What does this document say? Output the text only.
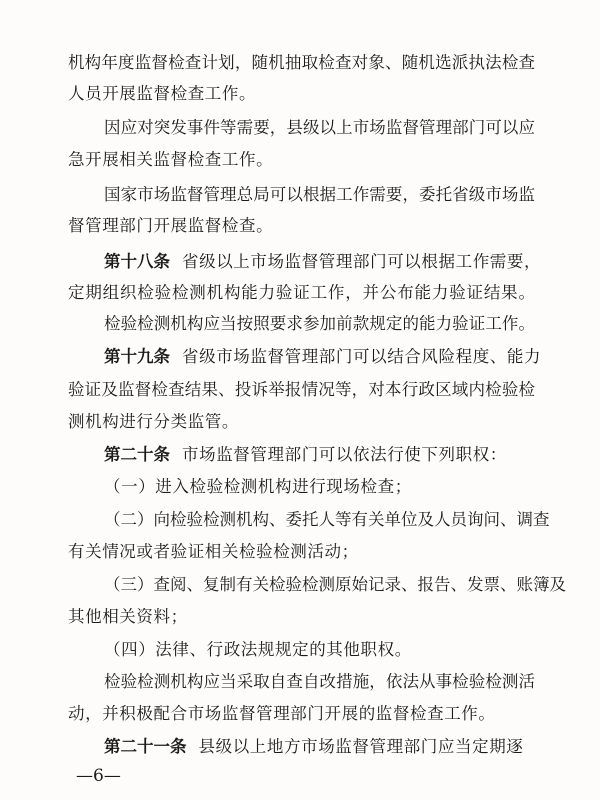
机构年度监督检查计划，随机抽取检查对象、随机选派执法检查
人员开展监督检查工作。
因应对突发事件等需要，县级以上市场监督管理部门可以应
急开展相关监督检查工作。
国家市场监督管理总局可以根据工作需要，委托省级市场监
督管理部门开展监督检查。
第十八条 省级以上市场监督管理部门可以根据工作需要，
定期组织检验检测机构能力验证工作，并公布能力验证结果。
检验检测机构应当按照要求参加前款规定的能力验证工作。
第十九条 省级市场监督管理部门可以结合风险程度、能力
验证及监督检查结果、投诉举报情况等，对本行政区域内检验检
测机构进行分类监管。
第二十条 市场监督管理部门可以依法行使下列职权：
（一）进入检验检测机构进行现场检查；
（二）向检验检测机构、委托人等有关单位及人员询问、调查
有关情况或者验证相关检验检测活动；
（三）查阅、复制有关检验检测原始记录、报告、发票、账簿及
其他相关资料；
（四）法律、行政法规规定的其他职权。
检验检测机构应当采取自查自改措施，依法从事检验检测活
动，并积极配合市场监督管理部门开展的监督检查工作。
第二十一条 县级以上地方市场监督管理部门应当定期逐
—6—
